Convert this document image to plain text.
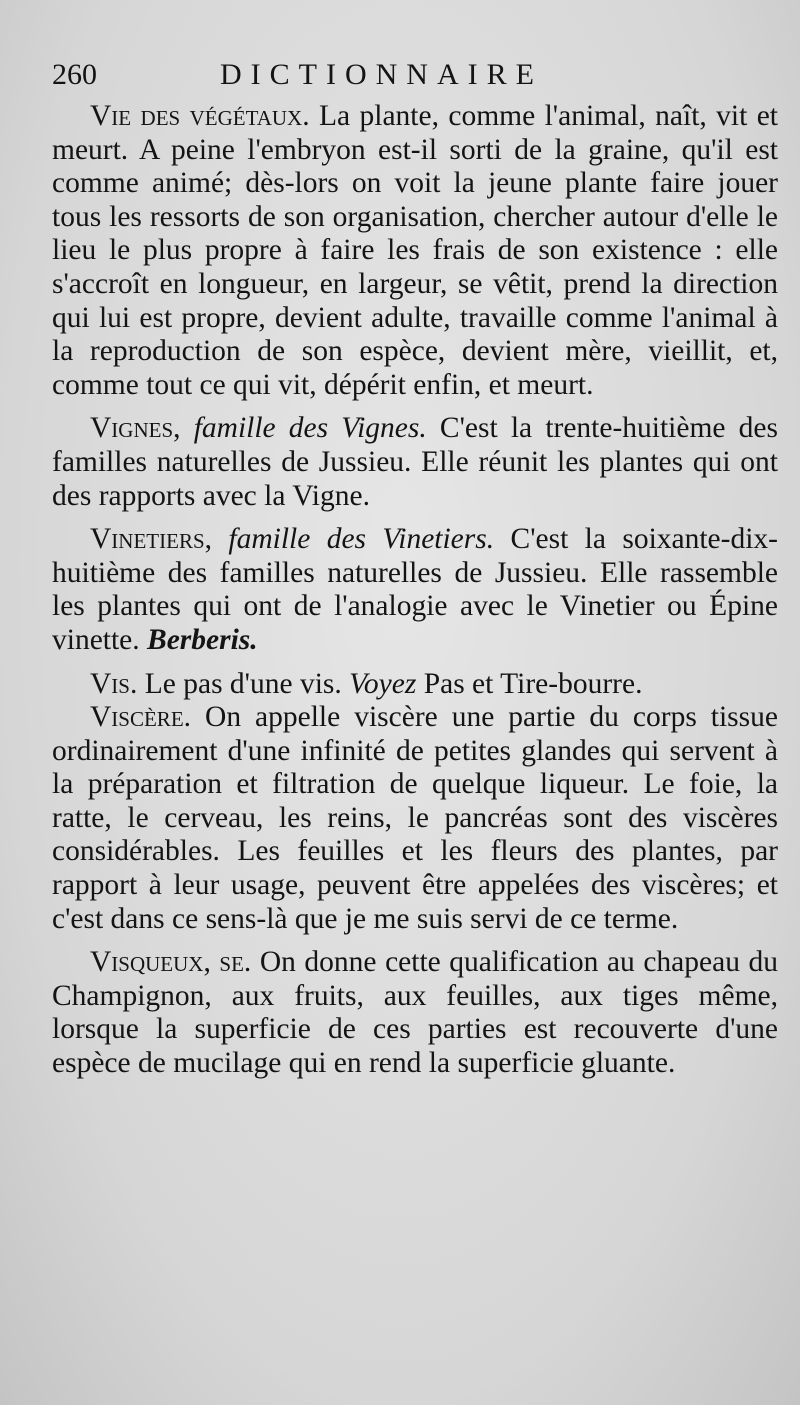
260	DICTIONNAIRE

Vie des végétaux. La plante, comme l'animal, naît, vit et meurt. A peine l'embryon est-il sorti de la graine, qu'il est comme animé; dès-lors on voit la jeune plante faire jouer tous les ressorts de son organisation, chercher autour d'elle le lieu le plus propre à faire les frais de son existence : elle s'accroît en longueur, en largeur, se vêtit, prend la direction qui lui est propre, devient adulte, travaille comme l'animal à la reproduction de son espèce, devient mère, vieillit, et, comme tout ce qui vit, dépérit enfin, et meurt.

Vignes, famille des Vignes. C'est la trente-huitième des familles naturelles de Jussieu. Elle réunit les plantes qui ont des rapports avec la Vigne.

Vinetiers, famille des Vinetiers. C'est la soixante-dix-huitième des familles naturelles de Jussieu. Elle rassemble les plantes qui ont de l'analogie avec le Vinetier ou Épine vinette. Berberis.

Vis. Le pas d'une vis. Voyez Pas et Tire-bourre.

Viscère. On appelle viscère une partie du corps tissue ordinairement d'une infinité de petites glandes qui servent à la préparation et filtration de quelque liqueur. Le foie, la ratte, le cerveau, les reins, le pancréas sont des viscères considérables. Les feuilles et les fleurs des plantes, par rapport à leur usage, peuvent être appelées des viscères; et c'est dans ce sens-là que je me suis servi de ce terme.

Visqueux, se. On donne cette qualification au chapeau du Champignon, aux fruits, aux feuilles, aux tiges même, lorsque la superficie de ces parties est recouverte d'une espèce de mucilage qui en rend la superficie gluante.
